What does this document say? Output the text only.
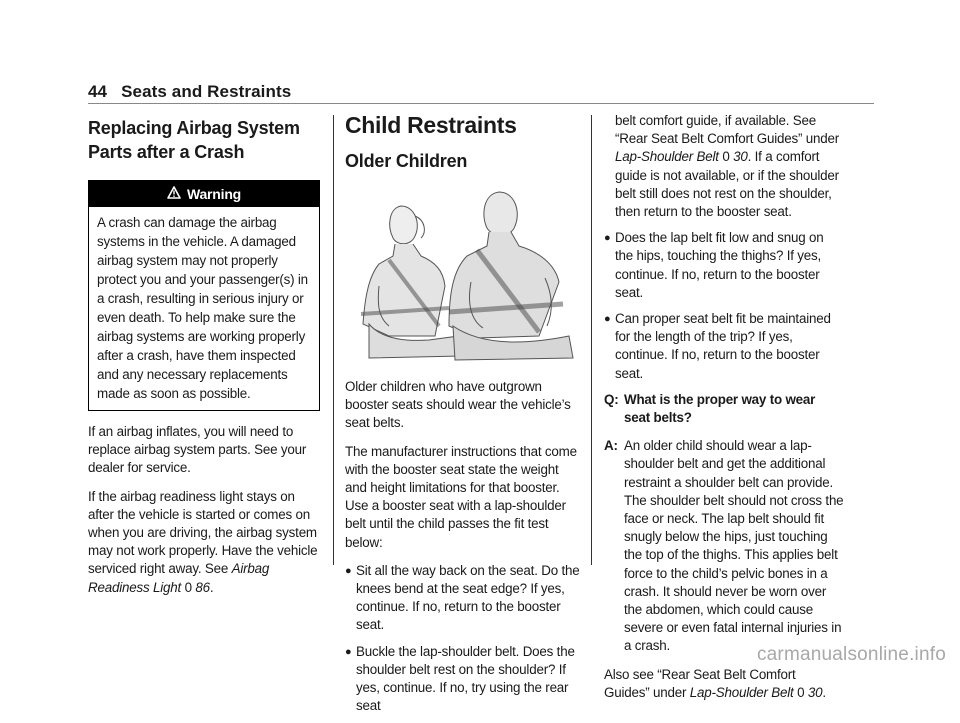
44 Seats and Restraints
Replacing Airbag System Parts after a Crash
Warning
A crash can damage the airbag systems in the vehicle. A damaged airbag system may not properly protect you and your passenger(s) in a crash, resulting in serious injury or even death. To help make sure the airbag systems are working properly after a crash, have them inspected and any necessary replacements made as soon as possible.

If an airbag inflates, you will need to replace airbag system parts. See your dealer for service.

If the airbag readiness light stays on after the vehicle is started or comes on when you are driving, the airbag system may not work properly. Have the vehicle serviced right away. See Airbag Readiness Light 0 86.

Child Restraints
Older Children

Older children who have outgrown booster seats should wear the vehicle’s seat belts.

The manufacturer instructions that come with the booster seat state the weight and height limitations for that booster. Use a booster seat with a lap-shoulder belt until the child passes the fit test below:

● Sit all the way back on the seat. Do the knees bend at the seat edge? If yes, continue. If no, return to the booster seat.
● Buckle the lap-shoulder belt. Does the shoulder belt rest on the shoulder? If yes, continue. If no, try using the rear seat
belt comfort guide, if available. See “Rear Seat Belt Comfort Guides” under Lap-Shoulder Belt 0 30. If a comfort guide is not available, or if the shoulder belt still does not rest on the shoulder, then return to the booster seat.
● Does the lap belt fit low and snug on the hips, touching the thighs? If yes, continue. If no, return to the booster seat.
● Can proper seat belt fit be maintained for the length of the trip? If yes, continue. If no, return to the booster seat.
Q: What is the proper way to wear seat belts?
A: An older child should wear a lap-shoulder belt and get the additional restraint a shoulder belt can provide. The shoulder belt should not cross the face or neck. The lap belt should fit snugly below the hips, just touching the top of the thighs. This applies belt force to the child’s pelvic bones in a crash. It should never be worn over the abdomen, which could cause severe or even fatal internal injuries in a crash.

Also see “Rear Seat Belt Comfort Guides” under Lap-Shoulder Belt 0 30.

carmanualsonline.info
